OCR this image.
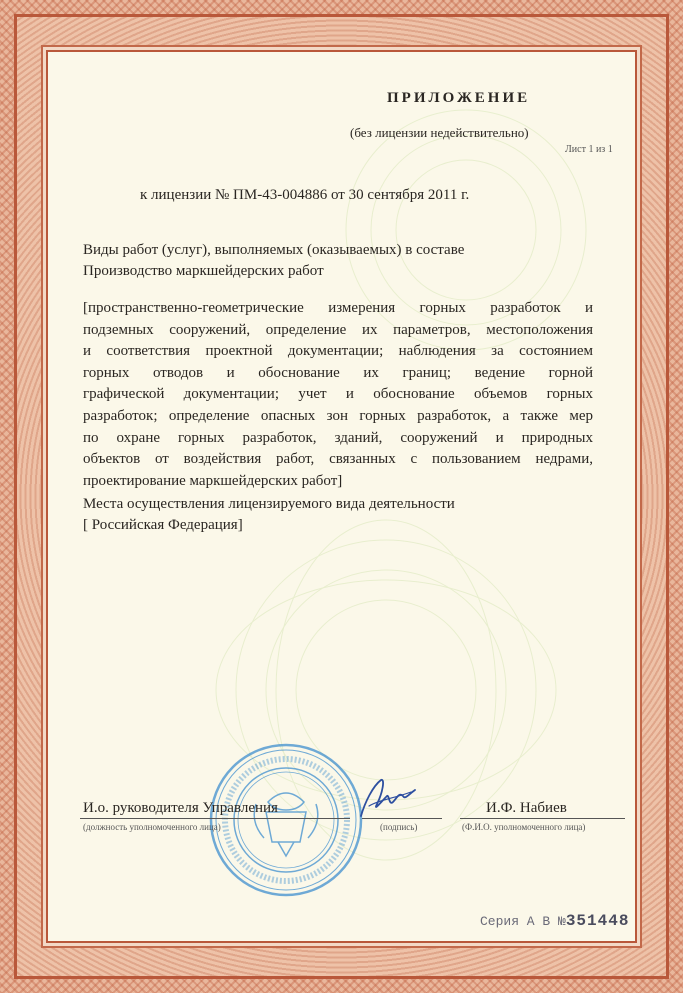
ПРИЛОЖЕНИЕ
(без лицензии недействительно)
Лист 1 из 1
к лицензии № ПМ-43-004886 от 30 сентября 2011 г.
Виды работ (услуг), выполняемых (оказываемых) в составе
Производство маркшейдерских работ
[пространственно-геометрические измерения горных разработок и
подземных сооружений, определение их параметров, местоположения
и соответствия проектной документации; наблюдения за состоянием
горных отводов и обоснование их границ; ведение горной
графической документации; учет и обоснование объемов горных
разработок; определение опасных зон горных разработок, а также мер
по охране горных разработок, зданий, сооружений и природных
объектов от воздействия работ, связанных с пользованием недрами,
проектирование маркшейдерских работ]
Места осуществления лицензируемого вида деятельности
[ Российская Федерация]
И.о. руководителя Управления
(должность уполномоченного лица)	(подпись)
И.Ф. Набиев
(Ф.И.О. уполномоченного лица)
Серия А В №351448
